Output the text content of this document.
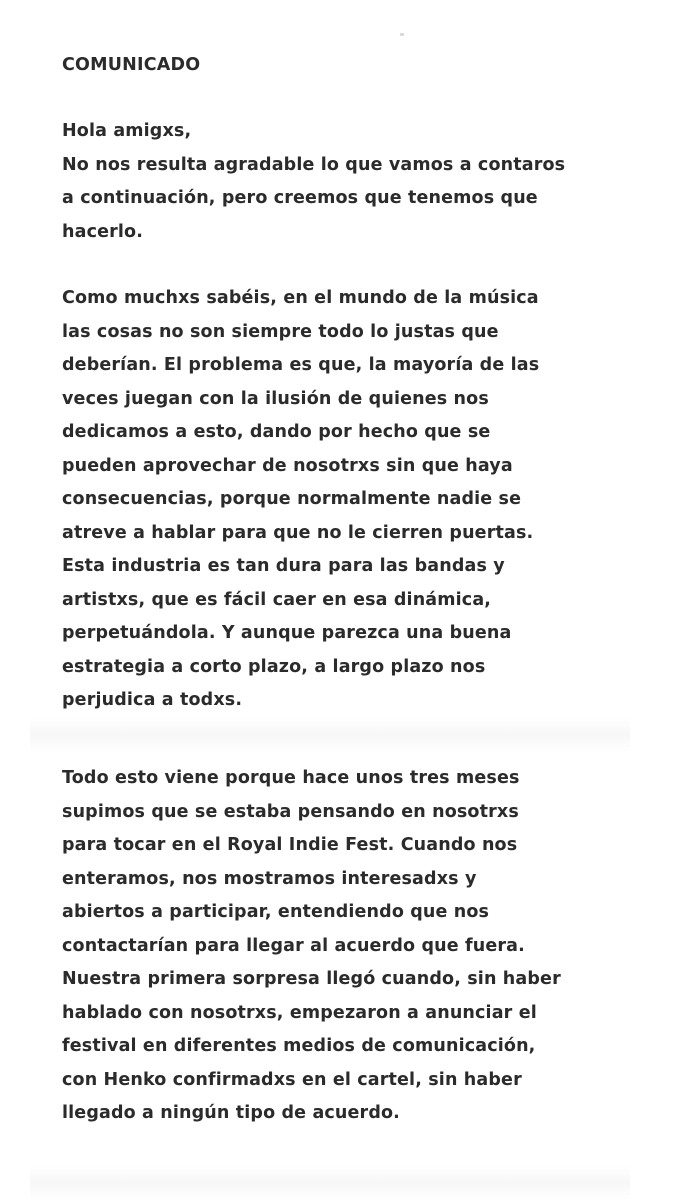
COMUNICADO
Hola amigxs,
No nos resulta agradable lo que vamos a contaros
a continuación, pero creemos que tenemos que
hacerlo.
Como muchxs sabéis, en el mundo de la música
las cosas no son siempre todo lo justas que
deberían. El problema es que, la mayoría de las
veces juegan con la ilusión de quienes nos
dedicamos a esto, dando por hecho que se
pueden aprovechar de nosotrxs sin que haya
consecuencias, porque normalmente nadie se
atreve a hablar para que no le cierren puertas.
Esta industria es tan dura para las bandas y
artistxs, que es fácil caer en esa dinámica,
perpetuándola. Y aunque parezca una buena
estrategia a corto plazo, a largo plazo nos
perjudica a todxs.
Todo esto viene porque hace unos tres meses
supimos que se estaba pensando en nosotrxs
para tocar en el Royal Indie Fest. Cuando nos
enteramos, nos mostramos interesadxs y
abiertos a participar, entendiendo que nos
contactarían para llegar al acuerdo que fuera.
Nuestra primera sorpresa llegó cuando, sin haber
hablado con nosotrxs, empezaron a anunciar el
festival en diferentes medios de comunicación,
con Henko confirmadxs en el cartel, sin haber
llegado a ningún tipo de acuerdo.
